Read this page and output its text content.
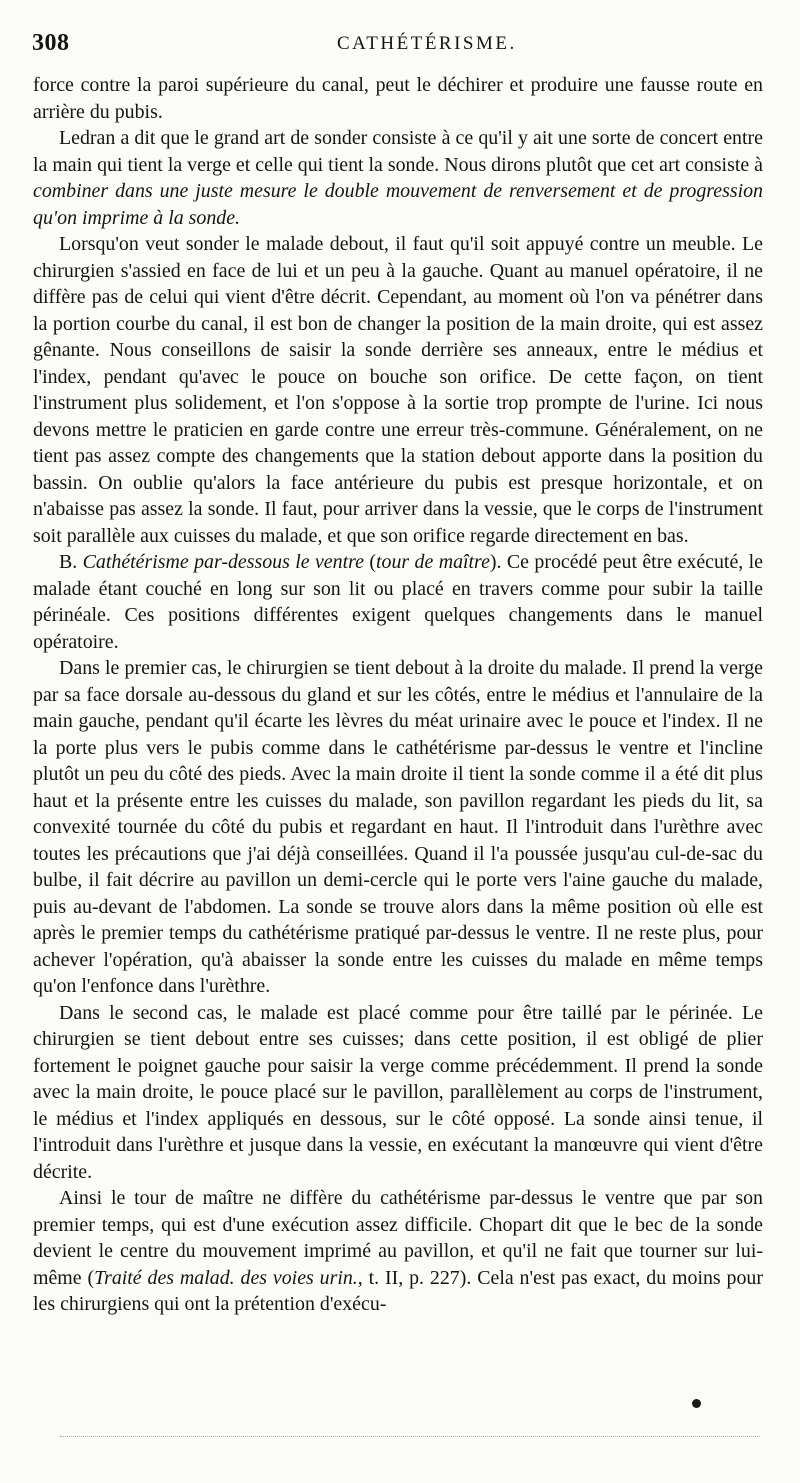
308	CATHÉTÉRISME.

force contre la paroi supérieure du canal, peut le déchirer et produire une fausse route en arrière du pubis.

Ledran a dit que le grand art de sonder consiste à ce qu'il y ait une sorte de concert entre la main qui tient la verge et celle qui tient la sonde. Nous dirons plutôt que cet art consiste à combiner dans une juste mesure le double mouvement de renversement et de progression qu'on imprime à la sonde.

Lorsqu'on veut sonder le malade debout, il faut qu'il soit appuyé contre un meuble. Le chirurgien s'assied en face de lui et un peu à la gauche. Quant au manuel opératoire, il ne diffère pas de celui qui vient d'être décrit. Cependant, au moment où l'on va pénétrer dans la portion courbe du canal, il est bon de changer la position de la main droite, qui est assez gênante. Nous conseillons de saisir la sonde derrière ses anneaux, entre le médius et l'index, pendant qu'avec le pouce on bouche son orifice. De cette façon, on tient l'instrument plus solidement, et l'on s'oppose à la sortie trop prompte de l'urine. Ici nous devons mettre le praticien en garde contre une erreur très-commune. Généralement, on ne tient pas assez compte des changements que la station debout apporte dans la position du bassin. On oublie qu'alors la face antérieure du pubis est presque horizontale, et on n'abaisse pas assez la sonde. Il faut, pour arriver dans la vessie, que le corps de l'instrument soit parallèle aux cuisses du malade, et que son orifice regarde directement en bas.

B. Cathétérisme par-dessous le ventre (tour de maître). Ce procédé peut être exécuté, le malade étant couché en long sur son lit ou placé en travers comme pour subir la taille périnéale. Ces positions différentes exigent quelques changements dans le manuel opératoire.

Dans le premier cas, le chirurgien se tient debout à la droite du malade. Il prend la verge par sa face dorsale au-dessous du gland et sur les côtés, entre le médius et l'annulaire de la main gauche, pendant qu'il écarte les lèvres du méat urinaire avec le pouce et l'index. Il ne la porte plus vers le pubis comme dans le cathétérisme par-dessus le ventre et l'incline plutôt un peu du côté des pieds. Avec la main droite il tient la sonde comme il a été dit plus haut et la présente entre les cuisses du malade, son pavillon regardant les pieds du lit, sa convexité tournée du côté du pubis et regardant en haut. Il l'introduit dans l'urèthre avec toutes les précautions que j'ai déjà conseillées. Quand il l'a poussée jusqu'au cul-de-sac du bulbe, il fait décrire au pavillon un demi-cercle qui le porte vers l'aine gauche du malade, puis au-devant de l'abdomen. La sonde se trouve alors dans la même position où elle est après le premier temps du cathétérisme pratiqué par-dessus le ventre. Il ne reste plus, pour achever l'opération, qu'à abaisser la sonde entre les cuisses du malade en même temps qu'on l'enfonce dans l'urèthre.

Dans le second cas, le malade est placé comme pour être taillé par le périnée. Le chirurgien se tient debout entre ses cuisses; dans cette position, il est obligé de plier fortement le poignet gauche pour saisir la verge comme précédemment. Il prend la sonde avec la main droite, le pouce placé sur le pavillon, parallèlement au corps de l'instrument, le médius et l'index appliqués en dessous, sur le côté opposé. La sonde ainsi tenue, il l'introduit dans l'urèthre et jusque dans la vessie, en exécutant la manœuvre qui vient d'être décrite.

Ainsi le tour de maître ne diffère du cathétérisme par-dessus le ventre que par son premier temps, qui est d'une exécution assez difficile. Chopart dit que le bec de la sonde devient le centre du mouvement imprimé au pavillon, et qu'il ne fait que tourner sur lui-même (Traité des malad. des voies urin., t. II, p. 227). Cela n'est pas exact, du moins pour les chirurgiens qui ont la prétention d'exécu-
